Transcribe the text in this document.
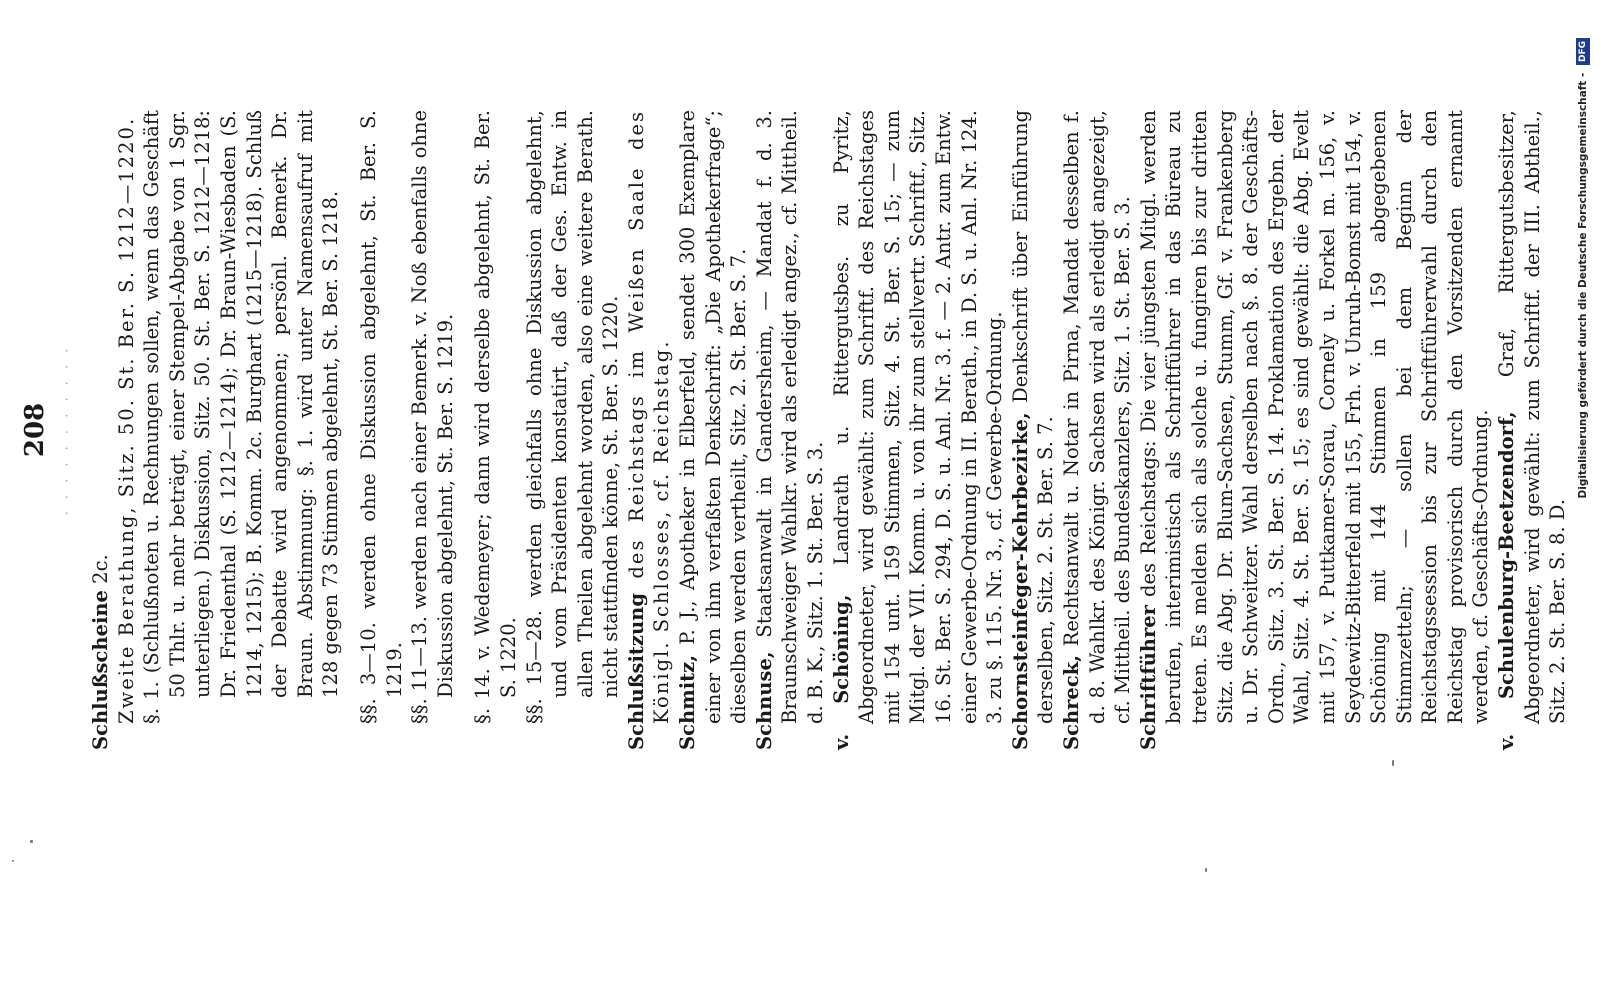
208 · · · · · · · · · · ·

Schlußscheine 2c. Zweite Berathung, Sitz. 50. St. Ber. S. 1212—1220. §. 1. (Schlußnoten u. Rechnungen sollen, wenn das Geschäft 50 Thlr. u. mehr beträgt, einer Stempel-Abgabe von 1 Sgr. unterliegen.) Diskussion, Sitz. 50. St. Ber. S. 1212—1218: Dr. Friedenthal (S. 1212—1214); Dr. Braun-Wiesbaden (S. 1214, 1215); B. Komm. 2c. Burghart (1215—1218). Schluß der Debatte wird angenommen; persönl. Bemerk. Dr. Braun. Abstimmung: §. 1. wird unter Namensaufruf mit 128 gegen 73 Stimmen abgelehnt, St. Ber. S. 1218. §§. 3—10. werden ohne Diskussion abgelehnt, St. Ber. S. 1219. §§. 11—13. werden nach einer Bemerk. v. Noß ebenfalls ohne Diskussion abgelehnt, St. Ber. S. 1219. §. 14. v. Wedemeyer; dann wird derselbe abgelehnt, St. Ber. S. 1220. §§. 15—28. werden gleichfalls ohne Diskussion abgelehnt, und vom Präsidenten konstatirt, daß der Ges. Entw. in allen Theilen abgelehnt worden, also eine weitere Berath. nicht stattfinden könne, St. Ber. S. 1220. Schlußsitzung des Reichstags im Weißen Saale des Königl. Schlosses, cf. Reichstag. Schmitz, P. J., Apotheker in Elberfeld, sendet 300 Exemplare einer von ihm verfaßten Denkschrift: „Die Apothekerfrage“; dieselben werden vertheilt, Sitz. 2. St. Ber. S. 7. Schnuse, Staatsanwalt in Gandersheim, — Mandat f. d. 3. Braunschweiger Wahlkr. wird als erledigt angez., cf. Mittheil. d. B. K., Sitz. 1. St. Ber. S. 3. v. Schöning, Landrath u. Rittergutsbes. zu Pyritz, Abgeordneter, wird gewählt: zum Schriftf. des Reichstages mit 154 unt. 159 Stimmen, Sitz. 4. St. Ber. S. 15; — zum Mitgl. der VII. Komm. u. von ihr zum stellvertr. Schriftf., Sitz. 16. St. Ber. S. 294, D. S. u. Anl. Nr. 3. f. — 2. Antr. zum Entw. einer Gewerbe-Ordnung in II. Berath., in D. S. u. Anl. Nr. 124. 3. zu §. 115. Nr. 3., cf. Gewerbe-Ordnung. Schornsteinfeger-Kehrbezirke, Denkschrift über Einführung derselben, Sitz. 2. St. Ber. S. 7. Schreck, Rechtsanwalt u. Notar in Pirna, Mandat desselben f. d. 8. Wahlkr. des Königr. Sachsen wird als erledigt angezeigt, cf. Mittheil. des Bundeskanzlers, Sitz. 1. St. Ber. S. 3. Schriftführer des Reichstags: Die vier jüngsten Mitgl. werden berufen, interimistisch als Schriftführer in das Büreau zu treten. Es melden sich als solche u. fungiren bis zur dritten Sitz. die Abg. Dr. Blum-Sachsen, Stumm, Gf. v. Frankenberg u. Dr. Schweitzer. Wahl derselben nach §. 8. der Geschäfts-Ordn., Sitz. 3. St. Ber. S. 14. Proklamation des Ergebn. der Wahl, Sitz. 4. St. Ber. S. 15; es sind gewählt: die Abg. Evelt mit 157, v. Puttkamer-Sorau, Cornely u. Forkel m. 156, v. Seydewitz-Bitterfeld mit 155, Frh. v. Unruh-Bomst mit 154, v. Schöning mit 144 Stimmen in 159 abgegebenen Stimmzetteln; — sollen bei dem Beginn der Reichstagssession bis zur Schriftführerwahl durch den Reichstag provisorisch durch den Vorsitzenden ernannt werden, cf. Geschäfts-Ordnung. v. Schulenburg-Beetzendorf, Graf, Rittergutsbesitzer, Abgeordneter, wird gewählt: zum Schriftf. der III. Abtheil., Sitz. 2. St. Ber. S. 8. D.

Digitalisierung gefördert durch die Deutsche Forschungsgemeinschaft - DFG
